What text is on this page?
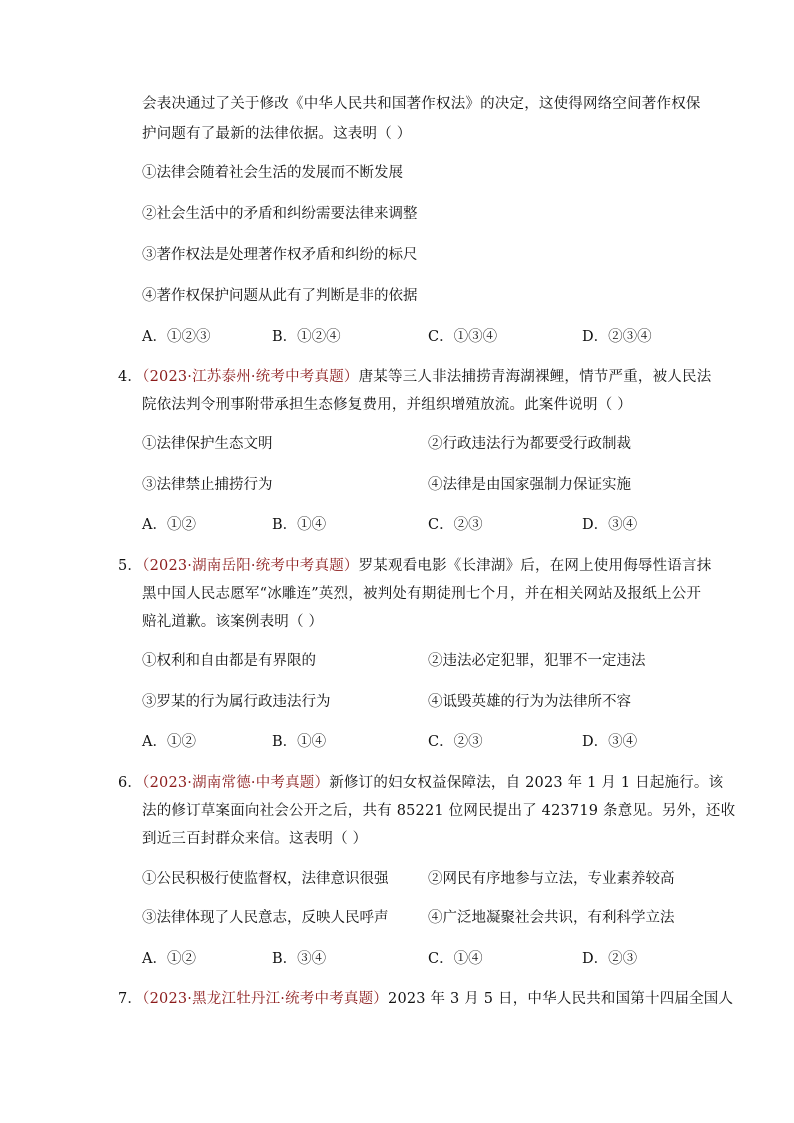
会表决通过了关于修改《中华人民共和国著作权法》的决定，这使得网络空间著作权保
护问题有了最新的法律依据。这表明（ ）
①法律会随着社会生活的发展而不断发展
②社会生活中的矛盾和纠纷需要法律来调整
③著作权法是处理著作权矛盾和纠纷的标尺
④著作权保护问题从此有了判断是非的依据
A．①②③	B．①②④	C．①③④	D．②③④
4．（2023·江苏泰州·统考中考真题）唐某等三人非法捕捞青海湖裸鲤，情节严重，被人民法
院依法判令刑事附带承担生态修复费用，并组织增殖放流。此案件说明（ ）
①法律保护生态文明	②行政违法行为都要受行政制裁
③法律禁止捕捞行为	④法律是由国家强制力保证实施
A．①②	B．①④	C．②③	D．③④
5．（2023·湖南岳阳·统考中考真题）罗某观看电影《长津湖》后，在网上使用侮辱性语言抹
黑中国人民志愿军“冰雕连”英烈，被判处有期徒刑七个月，并在相关网站及报纸上公开
赔礼道歉。该案例表明（ ）
①权利和自由都是有界限的	②违法必定犯罪，犯罪不一定违法
③罗某的行为属行政违法行为	④诋毁英雄的行为为法律所不容
A．①②	B．①④	C．②③	D．③④
6．（2023·湖南常德·中考真题）新修订的妇女权益保障法，自 2023 年 1 月 1 日起施行。该
法的修订草案面向社会公开之后，共有 85221 位网民提出了 423719 条意见。另外，还收
到近三百封群众来信。这表明（ ）
①公民积极行使监督权，法律意识很强	②网民有序地参与立法，专业素养较高
③法律体现了人民意志，反映人民呼声	④广泛地凝聚社会共识，有利科学立法
A．①②	B．③④	C．①④	D．②③
7．（2023·黑龙江牡丹江·统考中考真题）2023 年 3 月 5 日，中华人民共和国第十四届全国人
